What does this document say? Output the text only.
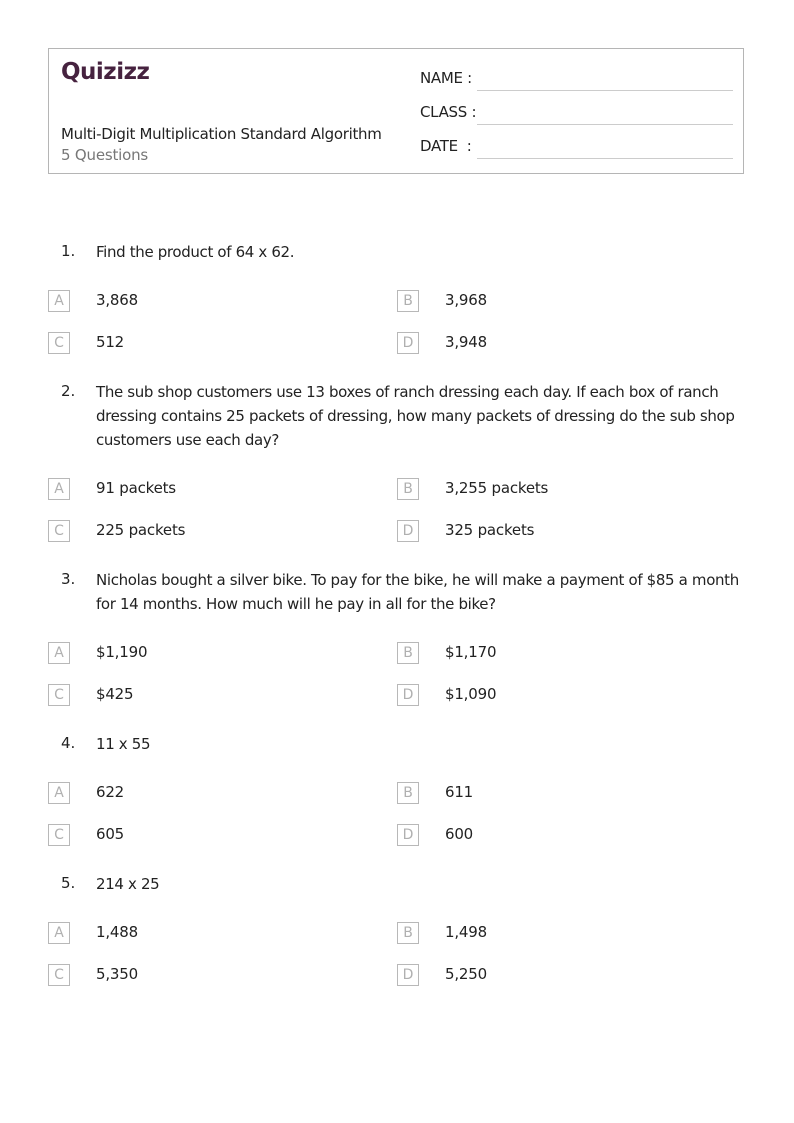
Quizizz
Multi-Digit Multiplication Standard Algorithm
5 Questions
NAME :
CLASS :
DATE  :
1. Find the product of 64 x 62.
A	3,868	B	3,968
C	512	D	3,948
2. The sub shop customers use 13 boxes of ranch dressing each day. If each box of ranch dressing contains 25 packets of dressing, how many packets of dressing do the sub shop customers use each day?
A	91 packets	B	3,255 packets
C	225 packets	D	325 packets
3. Nicholas bought a silver bike. To pay for the bike, he will make a payment of $85 a month for 14 months. How much will he pay in all for the bike?
A	$1,190	B	$1,170
C	$425	D	$1,090
4. 11 x 55
A	622	B	611
C	605	D	600
5. 214 x 25
A	1,488	B	1,498
C	5,350	D	5,250
